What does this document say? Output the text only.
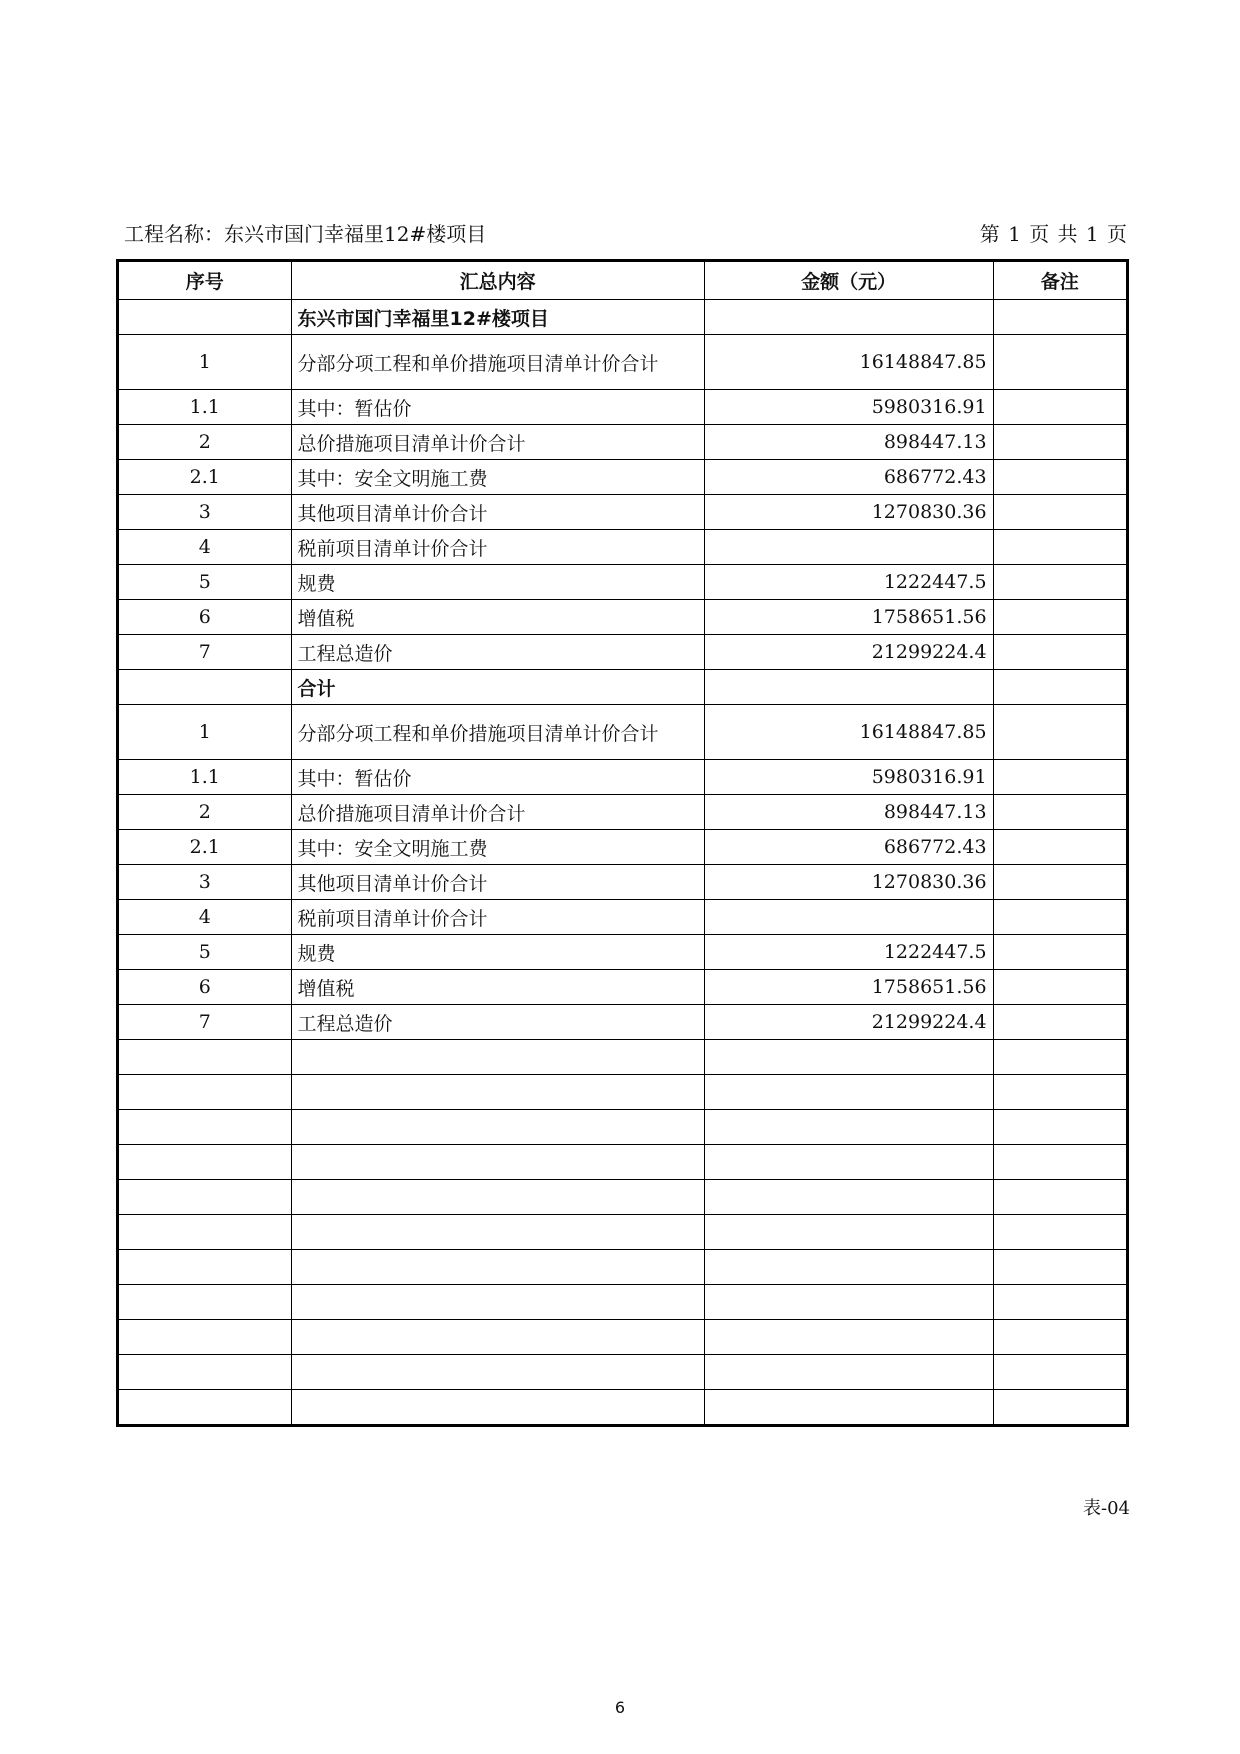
工程名称：东兴市国门幸福里12#楼项目	第 1 页 共 1 页
序号	汇总内容	金额（元）	备注
	东兴市国门幸福里12#楼项目		
1	分部分项工程和单价措施项目清单计价合计	16148847.85	
1.1	其中：暂估价	5980316.91	
2	总价措施项目清单计价合计	898447.13	
2.1	其中：安全文明施工费	686772.43	
3	其他项目清单计价合计	1270830.36	
4	税前项目清单计价合计		
5	规费	1222447.5	
6	增值税	1758651.56	
7	工程总造价	21299224.4	
	合计		
1	分部分项工程和单价措施项目清单计价合计	16148847.85	
1.1	其中：暂估价	5980316.91	
2	总价措施项目清单计价合计	898447.13	
2.1	其中：安全文明施工费	686772.43	
3	其他项目清单计价合计	1270830.36	
4	税前项目清单计价合计		
5	规费	1222447.5	
6	增值税	1758651.56	
7	工程总造价	21299224.4	

表-04
6
